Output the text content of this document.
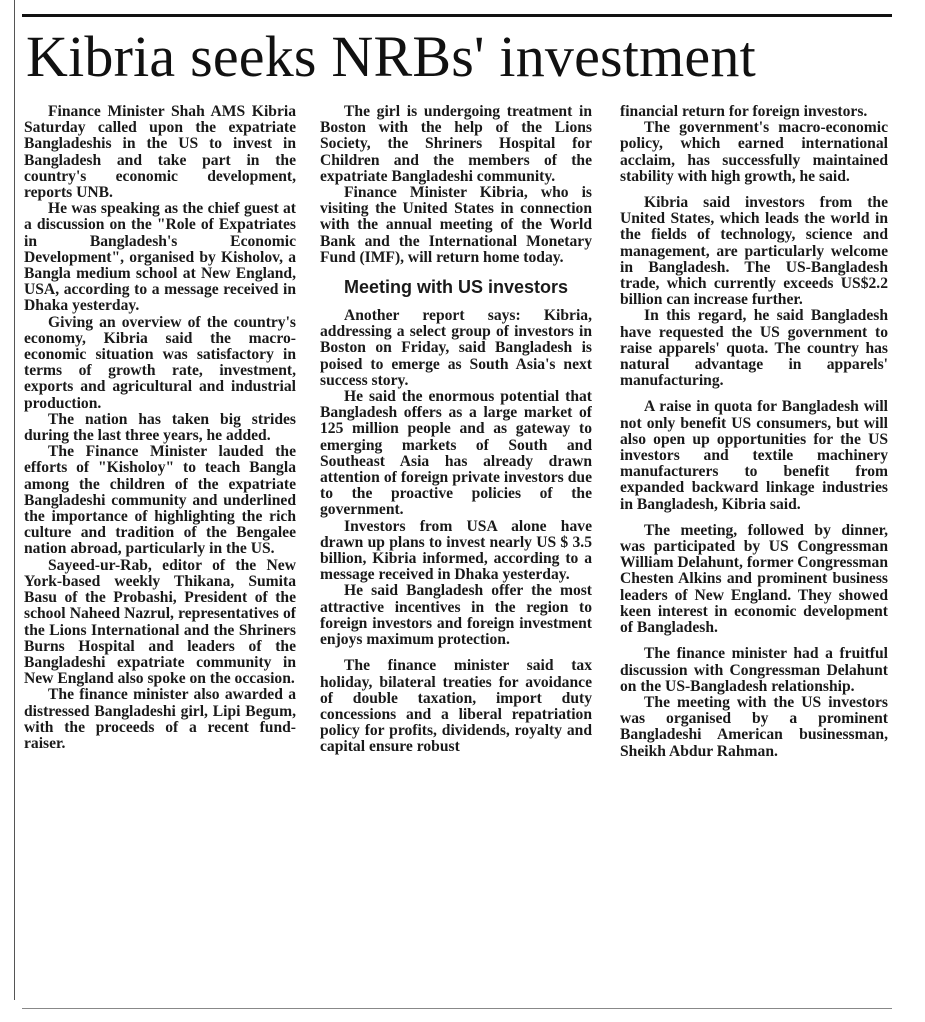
Kibria seeks NRBs' investment

Finance Minister Shah AMS Kibria Saturday called upon the expatriate Bangladeshis in the US to invest in Bangladesh and take part in the country's economic development, reports UNB.

He was speaking as the chief guest at a discussion on the "Role of Expatriates in Bangladesh's Economic Development", organised by Kisholov, a Bangla medium school at New England, USA, according to a message received in Dhaka yesterday.

Giving an overview of the country's economy, Kibria said the macro-economic situation was satisfactory in terms of growth rate, investment, exports and agricultural and industrial production.

The nation has taken big strides during the last three years, he added.

The Finance Minister lauded the efforts of "Kisholoy" to teach Bangla among the children of the expatriate Bangladeshi community and underlined the importance of highlighting the rich culture and tradition of the Bengalee nation abroad, particularly in the US.

Sayeed-ur-Rab, editor of the New York-based weekly Thikana, Sumita Basu of the Probashi, President of the school Naheed Nazrul, representatives of the Lions International and the Shriners Burns Hospital and leaders of the Bangladeshi expatriate community in New England also spoke on the occasion.

The finance minister also awarded a distressed Bangladeshi girl, Lipi Begum, with the proceeds of a recent fund-raiser.

The girl is undergoing treatment in Boston with the help of the Lions Society, the Shriners Hospital for Children and the members of the expatriate Bangladeshi community.

Finance Minister Kibria, who is visiting the United States in connection with the annual meeting of the World Bank and the International Monetary Fund (IMF), will return home today.

Meeting with US investors

Another report says: Kibria, addressing a select group of investors in Boston on Friday, said Bangladesh is poised to emerge as South Asia's next success story.

He said the enormous potential that Bangladesh offers as a large market of 125 million people and as gateway to emerging markets of South and Southeast Asia has already drawn attention of foreign private investors due to the proactive policies of the government.

Investors from USA alone have drawn up plans to invest nearly US $ 3.5 billion, Kibria informed, according to a message received in Dhaka yesterday.

He said Bangladesh offer the most attractive incentives in the region to foreign investors and foreign investment enjoys maximum protection.

The finance minister said tax holiday, bilateral treaties for avoidance of double taxation, import duty concessions and a liberal repatriation policy for profits, dividends, royalty and capital ensure robust

financial return for foreign investors.

The government's macro-economic policy, which earned international acclaim, has successfully maintained stability with high growth, he said.

Kibria said investors from the United States, which leads the world in the fields of technology, science and management, are particularly welcome in Bangladesh. The US-Bangladesh trade, which currently exceeds US$2.2 billion can increase further.

In this regard, he said Bangladesh have requested the US government to raise apparels' quota. The country has natural advantage in apparels' manufacturing.

A raise in quota for Bangladesh will not only benefit US consumers, but will also open up opportunities for the US investors and textile machinery manufacturers to benefit from expanded backward linkage industries in Bangladesh, Kibria said.

The meeting, followed by dinner, was participated by US Congressman William Delahunt, former Congressman Chesten Alkins and prominent business leaders of New England. They showed keen interest in economic development of Bangladesh.

The finance minister had a fruitful discussion with Congressman Delahunt on the US-Bangladesh relationship.

The meeting with the US investors was organised by a prominent Bangladeshi American businessman, Sheikh Abdur Rahman.
